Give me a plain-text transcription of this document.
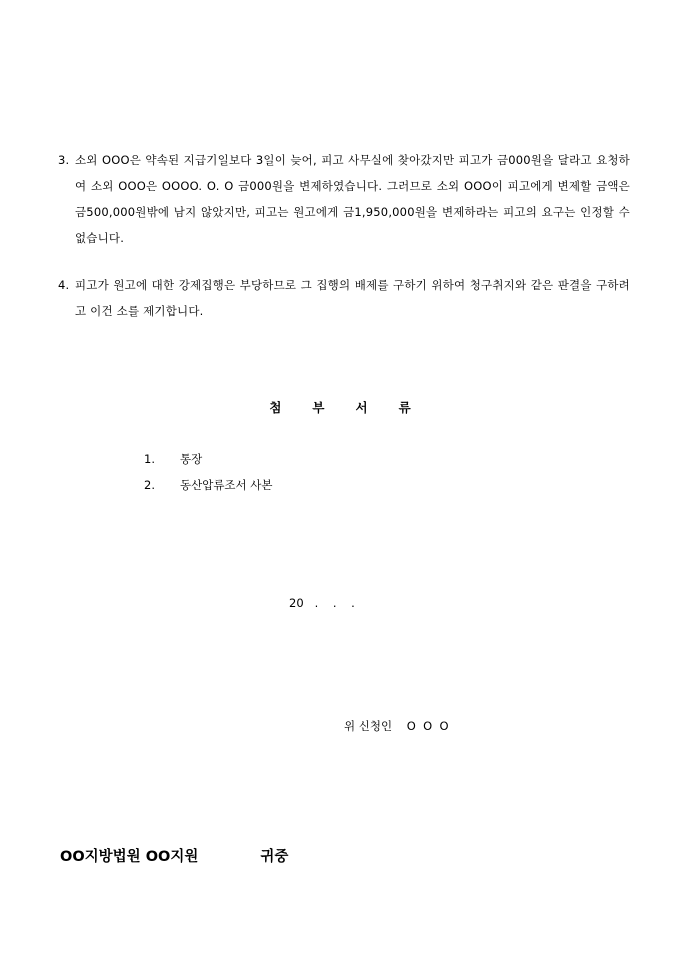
3. 소외 OOO은 약속된 지급기일보다 3일이 늦어, 피고 사무실에 찾아갔지만 피고가 금000원을 달라고 요청하여 소외 OOO은 OOOO. O. O 금000원을 변제하였습니다. 그러므로 소외 OOO이 피고에게 변제할 금액은 금500,000원밖에 남지 않았지만, 피고는 원고에게 금1,950,000원을 변제하라는 피고의 요구는 인정할 수 없습니다.
4. 피고가 원고에 대한 강제집행은 부당하므로 그 집행의 배제를 구하기 위하여 청구취지와 같은 판결을 구하려고 이건 소를 제기합니다.
첨부서류
1. 통장
2. 동산압류조서 사본
20   .    .    .
위 신청인    O  O  O
OO지방법원 OO지원	귀중
